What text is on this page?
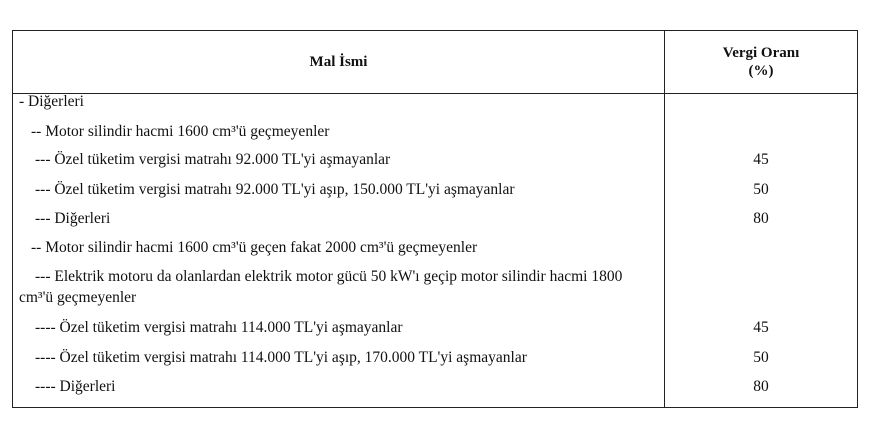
Mal İsmi
Vergi Oranı
(%)
- Diğerleri
-- Motor silindir hacmi 1600 cm³'ü geçmeyenler
--- Özel tüketim vergisi matrahı 92.000 TL'yi aşmayanlar	45
--- Özel tüketim vergisi matrahı 92.000 TL'yi aşıp, 150.000 TL'yi aşmayanlar	50
--- Diğerleri	80
-- Motor silindir hacmi 1600 cm³'ü geçen fakat 2000 cm³'ü geçmeyenler
--- Elektrik motoru da olanlardan elektrik motor gücü 50 kW'ı geçip motor silindir hacmi 1800 cm³'ü geçmeyenler
---- Özel tüketim vergisi matrahı 114.000 TL'yi aşmayanlar	45
---- Özel tüketim vergisi matrahı 114.000 TL'yi aşıp, 170.000 TL'yi aşmayanlar	50
---- Diğerleri	80
